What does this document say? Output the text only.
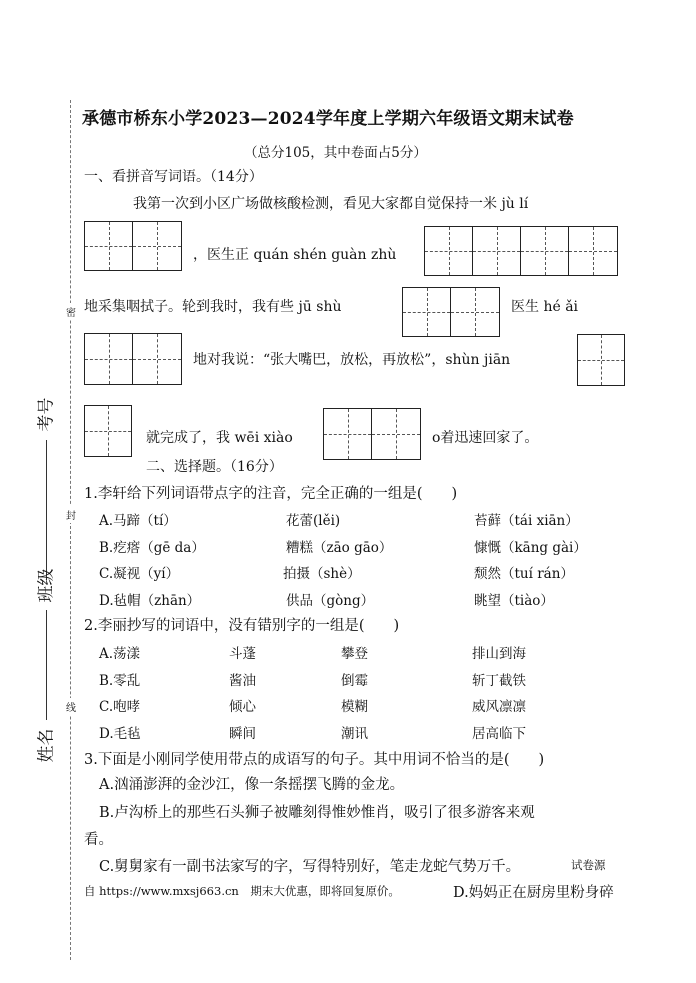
密
封
线
考号
班级
姓名
承德市桥东小学2023—2024学年度上学期六年级语文期末试卷
（总分105，其中卷面占5分）
一、看拼音写词语。（14分）
我第一次到小区广场做核酸检测，看见大家都自觉保持一米 jù lí
，医生正 quán shén guàn zhù
地采集咽拭子。轮到我时，我有些 jū shù	医生 hé ǎi
地对我说：“张大嘴巴，放松，再放松”，shùn jiān
就完成了，我 wēi xiào	o着迅速回家了。
二、选择题。（16分）
1.李轩给下列词语带点字的注音，完全正确的一组是(　　)
A.马蹄（tí）	花蕾(lěi)	苔藓（tái xiān）
B.疙瘩（gē da）	糟糕（zāo gāo）	慷慨（kāng gài）
C.凝视（yí）	拍摄（shè）	颓然（tuí rán）
D.毡帽（zhān）	供品（gòng）	眺望（tiào）
2.李丽抄写的词语中，没有错别字的一组是(　　)
A.荡漾	斗蓬	攀登	排山到海
B.零乱	酱油	倒霉	斩丁截铁
C.咆哮	倾心	模糊	威风凛凛
D.毛毡	瞬间	潮讯	居高临下
3.下面是小刚同学使用带点的成语写的句子。其中用词不恰当的是(　　)
A.汹涌澎湃的金沙江，像一条摇摆飞腾的金龙。
B.卢沟桥上的那些石头狮子被雕刻得惟妙惟肖，吸引了很多游客来观
看。
C.舅舅家有一副书法家写的字，写得特别好，笔走龙蛇气势万千。	试卷源
自 https://www.mxsj663.cn　期末大优惠，即将回复原价。	D.妈妈正在厨房里粉身碎
